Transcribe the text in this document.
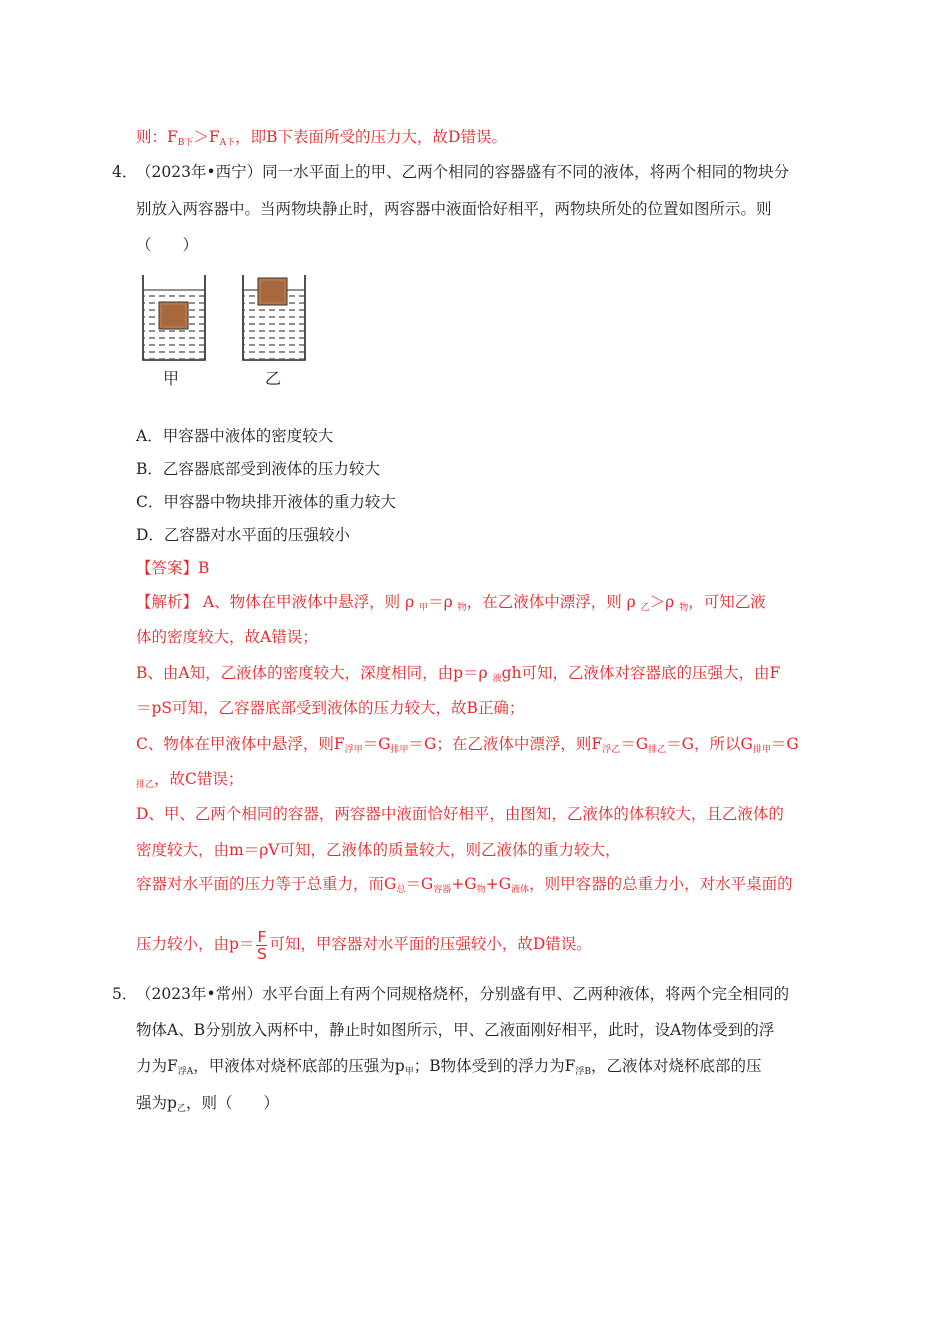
则：$F_{B下}>F_{A下}$，即B下表面所受的压力大，故D错误。
4．
（2023年•西宁）同一水平面上的甲、乙两个相同的容器盛有不同的液体，将两个相同的物块分
别放入两容器中。当两物块静止时，两容器中液面恰好相平，两物块所处的位置如图所示。则
（　　）
甲	乙
A．甲容器中液体的密度较大
B．乙容器底部受到液体的压力较大
C．甲容器中物块排开液体的重力较大
D．乙容器对水平面的压强较小
【答案】B
【解析】 A、物体在甲液体中悬浮，则 ρ $_甲$＝ρ $_物$，在乙液体中漂浮，则 ρ $_乙$＞ρ $_物$，可知乙液
体的密度较大，故A错误；
B、由A知，乙液体的密度较大，深度相同，由p＝ρ $_液$gh可知，乙液体对容器底的压强大，由F
＝pS可知，乙容器底部受到液体的压力较大，故B正确；
C、物体在甲液体中悬浮，则$F_{浮甲}=G_{排甲}=G$；在乙液体中漂浮，则$F_{浮乙}=G_{排乙}=G$，所以$G_{排甲}=G$
$_{排乙}$，故C错误；
D、甲、乙两个相同的容器，两容器中液面恰好相平，由图知，乙液体的体积较大，且乙液体的
密度较大，由m＝ρV可知，乙液体的质量较大，则乙液体的重力较大，
容器对水平面的压力等于总重力，而$G_总=G_{容器}+G_物+G_{液体}$，则甲容器的总重力小，对水平桌面的
压力较小，由$p= \frac{F}{S}$ 可知，甲容器对水平面的压强较小，故D错误。
5．
（2023年•常州）水平台面上有两个同规格烧杯，分别盛有甲、乙两种液体，将两个完全相同的
物体A、B分别放入两杯中，静止时如图所示，甲、乙液面刚好相平，此时，设A物体受到的浮
力为$F_{浮A}$，甲液体对烧杯底部的压强为$p_甲$；B物体受到的浮力为$F_{浮B}$，乙液体对烧杯底部的压
强为$p_乙$，则（　　）
